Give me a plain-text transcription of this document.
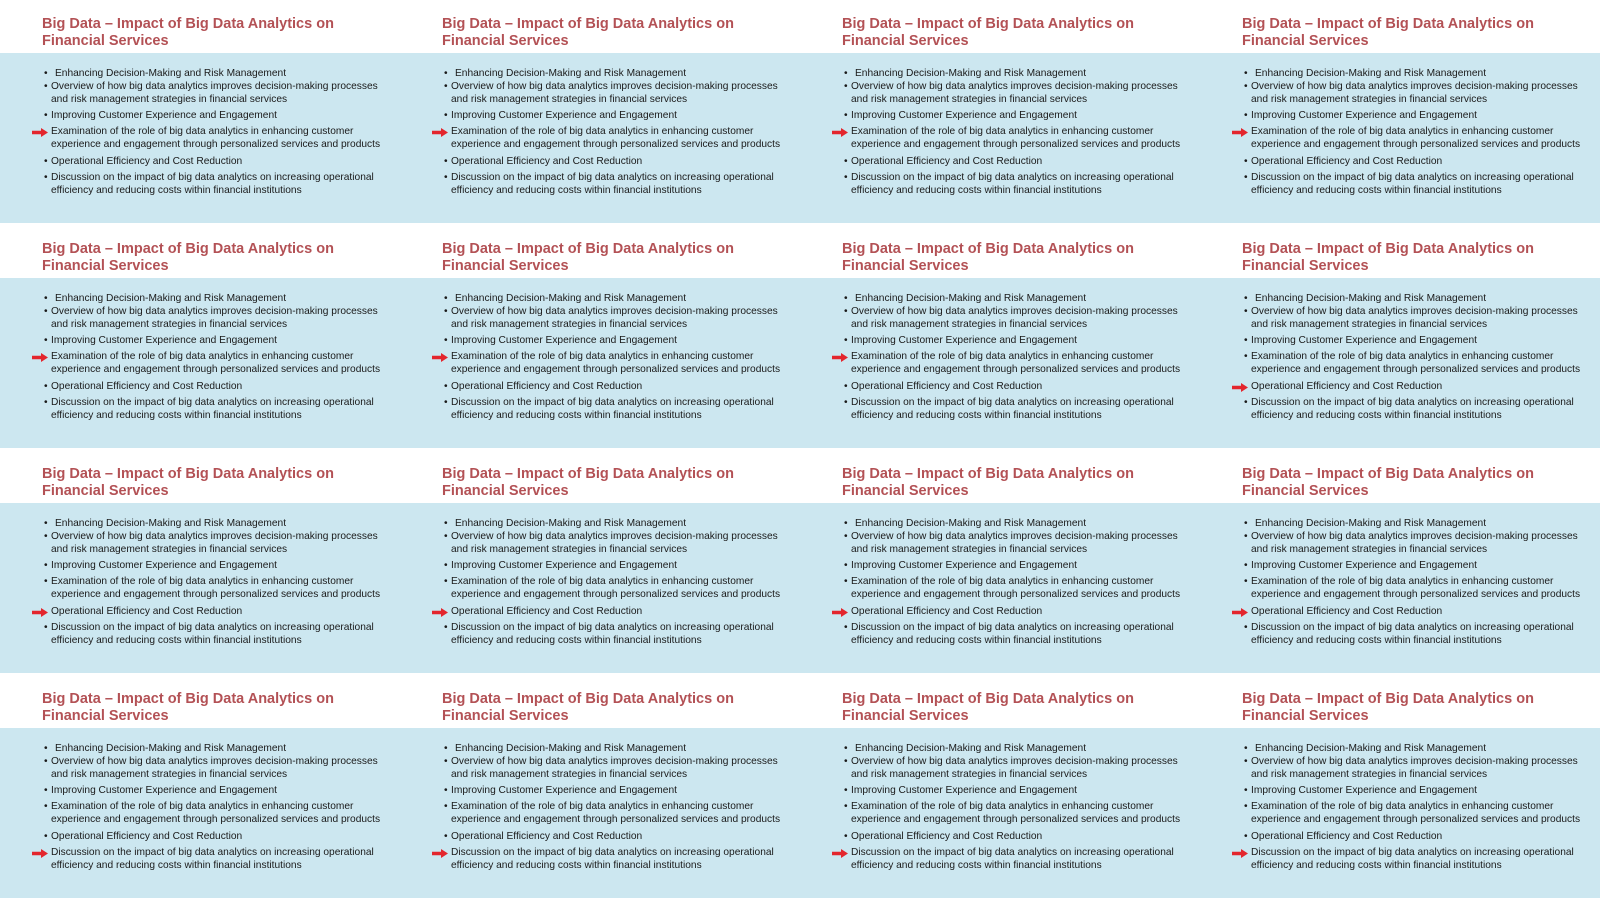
Big Data – Impact of Big Data Analytics on Financial Services
• Enhancing Decision-Making and Risk Management
• Overview of how big data analytics improves decision-making processes and risk management strategies in financial services
• Improving Customer Experience and Engagement
Examination of the role of big data analytics in enhancing customer experience and engagement through personalized services and products
• Operational Efficiency and Cost Reduction
• Discussion on the impact of big data analytics on increasing operational efficiency and reducing costs within financial institutions
Big Data – Impact of Big Data Analytics on Financial Services
• Enhancing Decision-Making and Risk Management
• Overview of how big data analytics improves decision-making processes and risk management strategies in financial services
• Improving Customer Experience and Engagement
Examination of the role of big data analytics in enhancing customer experience and engagement through personalized services and products
• Operational Efficiency and Cost Reduction
• Discussion on the impact of big data analytics on increasing operational efficiency and reducing costs within financial institutions
Big Data – Impact of Big Data Analytics on Financial Services
• Enhancing Decision-Making and Risk Management
• Overview of how big data analytics improves decision-making processes and risk management strategies in financial services
• Improving Customer Experience and Engagement
Examination of the role of big data analytics in enhancing customer experience and engagement through personalized services and products
• Operational Efficiency and Cost Reduction
• Discussion on the impact of big data analytics on increasing operational efficiency and reducing costs within financial institutions
Big Data – Impact of Big Data Analytics on Financial Services
• Enhancing Decision-Making and Risk Management
• Overview of how big data analytics improves decision-making processes and risk management strategies in financial services
• Improving Customer Experience and Engagement
Examination of the role of big data analytics in enhancing customer experience and engagement through personalized services and products
• Operational Efficiency and Cost Reduction
• Discussion on the impact of big data analytics on increasing operational efficiency and reducing costs within financial institutions
Big Data – Impact of Big Data Analytics on Financial Services
• Enhancing Decision-Making and Risk Management
• Overview of how big data analytics improves decision-making processes and risk management strategies in financial services
• Improving Customer Experience and Engagement
Examination of the role of big data analytics in enhancing customer experience and engagement through personalized services and products
• Operational Efficiency and Cost Reduction
• Discussion on the impact of big data analytics on increasing operational efficiency and reducing costs within financial institutions
Big Data – Impact of Big Data Analytics on Financial Services
• Enhancing Decision-Making and Risk Management
• Overview of how big data analytics improves decision-making processes and risk management strategies in financial services
• Improving Customer Experience and Engagement
Examination of the role of big data analytics in enhancing customer experience and engagement through personalized services and products
• Operational Efficiency and Cost Reduction
• Discussion on the impact of big data analytics on increasing operational efficiency and reducing costs within financial institutions
Big Data – Impact of Big Data Analytics on Financial Services
• Enhancing Decision-Making and Risk Management
• Overview of how big data analytics improves decision-making processes and risk management strategies in financial services
• Improving Customer Experience and Engagement
Examination of the role of big data analytics in enhancing customer experience and engagement through personalized services and products
• Operational Efficiency and Cost Reduction
• Discussion on the impact of big data analytics on increasing operational efficiency and reducing costs within financial institutions
Big Data – Impact of Big Data Analytics on Financial Services
• Enhancing Decision-Making and Risk Management
• Overview of how big data analytics improves decision-making processes and risk management strategies in financial services
• Improving Customer Experience and Engagement
• Examination of the role of big data analytics in enhancing customer experience and engagement through personalized services and products
Operational Efficiency and Cost Reduction
• Discussion on the impact of big data analytics on increasing operational efficiency and reducing costs within financial institutions
Big Data – Impact of Big Data Analytics on Financial Services
• Enhancing Decision-Making and Risk Management
• Overview of how big data analytics improves decision-making processes and risk management strategies in financial services
• Improving Customer Experience and Engagement
• Examination of the role of big data analytics in enhancing customer experience and engagement through personalized services and products
Operational Efficiency and Cost Reduction
• Discussion on the impact of big data analytics on increasing operational efficiency and reducing costs within financial institutions
Big Data – Impact of Big Data Analytics on Financial Services
• Enhancing Decision-Making and Risk Management
• Overview of how big data analytics improves decision-making processes and risk management strategies in financial services
• Improving Customer Experience and Engagement
• Examination of the role of big data analytics in enhancing customer experience and engagement through personalized services and products
Operational Efficiency and Cost Reduction
• Discussion on the impact of big data analytics on increasing operational efficiency and reducing costs within financial institutions
Big Data – Impact of Big Data Analytics on Financial Services
• Enhancing Decision-Making and Risk Management
• Overview of how big data analytics improves decision-making processes and risk management strategies in financial services
• Improving Customer Experience and Engagement
• Examination of the role of big data analytics in enhancing customer experience and engagement through personalized services and products
Operational Efficiency and Cost Reduction
• Discussion on the impact of big data analytics on increasing operational efficiency and reducing costs within financial institutions
Big Data – Impact of Big Data Analytics on Financial Services
• Enhancing Decision-Making and Risk Management
• Overview of how big data analytics improves decision-making processes and risk management strategies in financial services
• Improving Customer Experience and Engagement
• Examination of the role of big data analytics in enhancing customer experience and engagement through personalized services and products
Operational Efficiency and Cost Reduction
• Discussion on the impact of big data analytics on increasing operational efficiency and reducing costs within financial institutions
Big Data – Impact of Big Data Analytics on Financial Services
• Enhancing Decision-Making and Risk Management
• Overview of how big data analytics improves decision-making processes and risk management strategies in financial services
• Improving Customer Experience and Engagement
• Examination of the role of big data analytics in enhancing customer experience and engagement through personalized services and products
• Operational Efficiency and Cost Reduction
Discussion on the impact of big data analytics on increasing operational efficiency and reducing costs within financial institutions
Big Data – Impact of Big Data Analytics on Financial Services
• Enhancing Decision-Making and Risk Management
• Overview of how big data analytics improves decision-making processes and risk management strategies in financial services
• Improving Customer Experience and Engagement
• Examination of the role of big data analytics in enhancing customer experience and engagement through personalized services and products
• Operational Efficiency and Cost Reduction
Discussion on the impact of big data analytics on increasing operational efficiency and reducing costs within financial institutions
Big Data – Impact of Big Data Analytics on Financial Services
• Enhancing Decision-Making and Risk Management
• Overview of how big data analytics improves decision-making processes and risk management strategies in financial services
• Improving Customer Experience and Engagement
• Examination of the role of big data analytics in enhancing customer experience and engagement through personalized services and products
• Operational Efficiency and Cost Reduction
Discussion on the impact of big data analytics on increasing operational efficiency and reducing costs within financial institutions
Big Data – Impact of Big Data Analytics on Financial Services
• Enhancing Decision-Making and Risk Management
• Overview of how big data analytics improves decision-making processes and risk management strategies in financial services
• Improving Customer Experience and Engagement
• Examination of the role of big data analytics in enhancing customer experience and engagement through personalized services and products
• Operational Efficiency and Cost Reduction
Discussion on the impact of big data analytics on increasing operational efficiency and reducing costs within financial institutions
